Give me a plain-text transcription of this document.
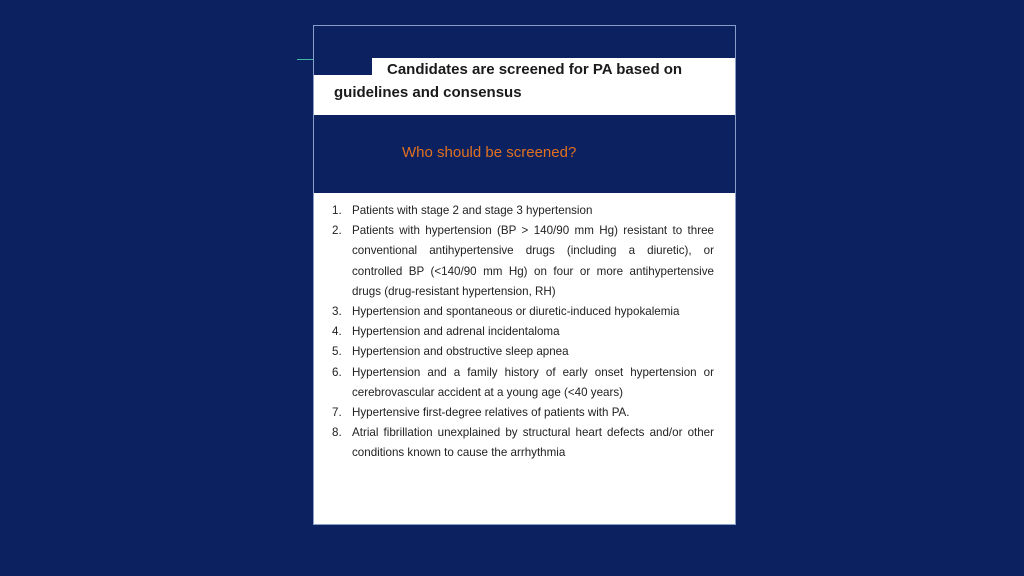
Candidates are screened for PA based on guidelines and consensus
Who should be screened?
1. Patients with stage 2 and stage 3 hypertension
2. Patients with hypertension (BP > 140/90 mm Hg) resistant to three conventional antihypertensive drugs (including a diuretic), or controlled BP (<140/90 mm Hg) on four or more antihypertensive drugs (drug-resistant hypertension, RH)
3. Hypertension and spontaneous or diuretic-induced hypokalemia
4. Hypertension and adrenal incidentaloma
5. Hypertension and obstructive sleep apnea
6. Hypertension and a family history of early onset hypertension or cerebrovascular accident at a young age (<40 years)
7. Hypertensive first-degree relatives of patients with PA.
8. Atrial fibrillation unexplained by structural heart defects and/or other conditions known to cause the arrhythmia
